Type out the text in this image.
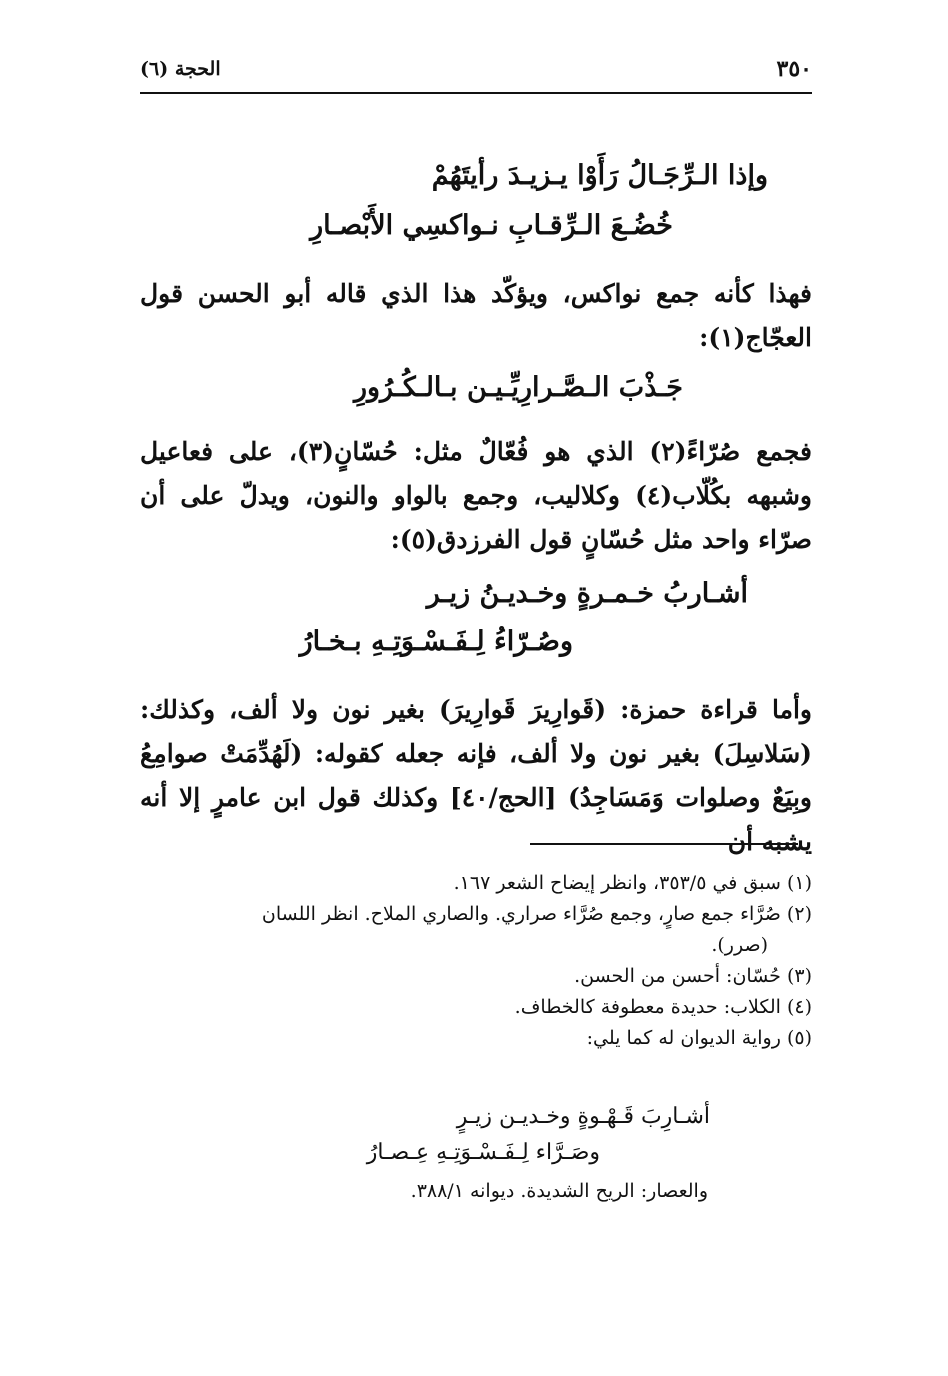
٣٥٠
الحجة (٦)
وإذا الـرِّجَـالُ رَأَوْا يـزيـدَ رأيتَهُمْ
خُضُـعَ الـرِّقـابِ نـواكسِي الأَبْصـارِ
فهذا كأنه جمع نواكس، ويؤكّد هذا الذي قاله أبو الحسن قول العجّاج(١):
جَـذْبَ الـصَّـرارِيِّـيـن بـالـكُـرُورِ
فجمع صُرّاءً(٢) الذي هو فُعّالٌ مثل: حُسّانٍ(٣)، على فعاعيل وشبهه بكُلّاب(٤) وكلاليب، وجمع بالواو والنون، ويدلّ على أن صرّاء واحد مثل حُسّانٍ قول الفرزدق(٥):
أشـاربُ خـمـرةٍ وخـديـنُ زيـر
وصُـرّاءُ لِـفَـسْـوَتِـهِ بـخـارُ
وأما قراءة حمزة: (قَوارِيرَ قَوارِيرَ) بغير نون ولا ألف، وكذلك: (سَلاسِلَ) بغير نون ولا ألف، فإنه جعله كقوله: (لَهُدِّمَتْ صوامِعُ وبِيَعٌ وصلوات وَمَسَاجِدُ) [الحج/٤٠] وكذلك قول ابن عامرٍ إلا أنه يشبه أن
(١) سبق في ٣٥٣/٥، وانظر إيضاح الشعر ١٦٧.
(٢) صُرَّاء جمع صارٍ، وجمع صُرَّاء صراري. والصاري الملاح. انظر اللسان
(صرر).
(٣) حُسّان: أحسن من الحسن.
(٤) الكلاب: حديدة معطوفة كالخطاف.
(٥) رواية الديوان له كما يلي:
أشـارِبَ قَـهْـوةٍ وخـديـن زيـرٍ
وصَـرَّاء لِـفَـسْـوَتِـهِ عِـصـارُ
والعصار: الريح الشديدة. ديوانه ٣٨٨/١.
